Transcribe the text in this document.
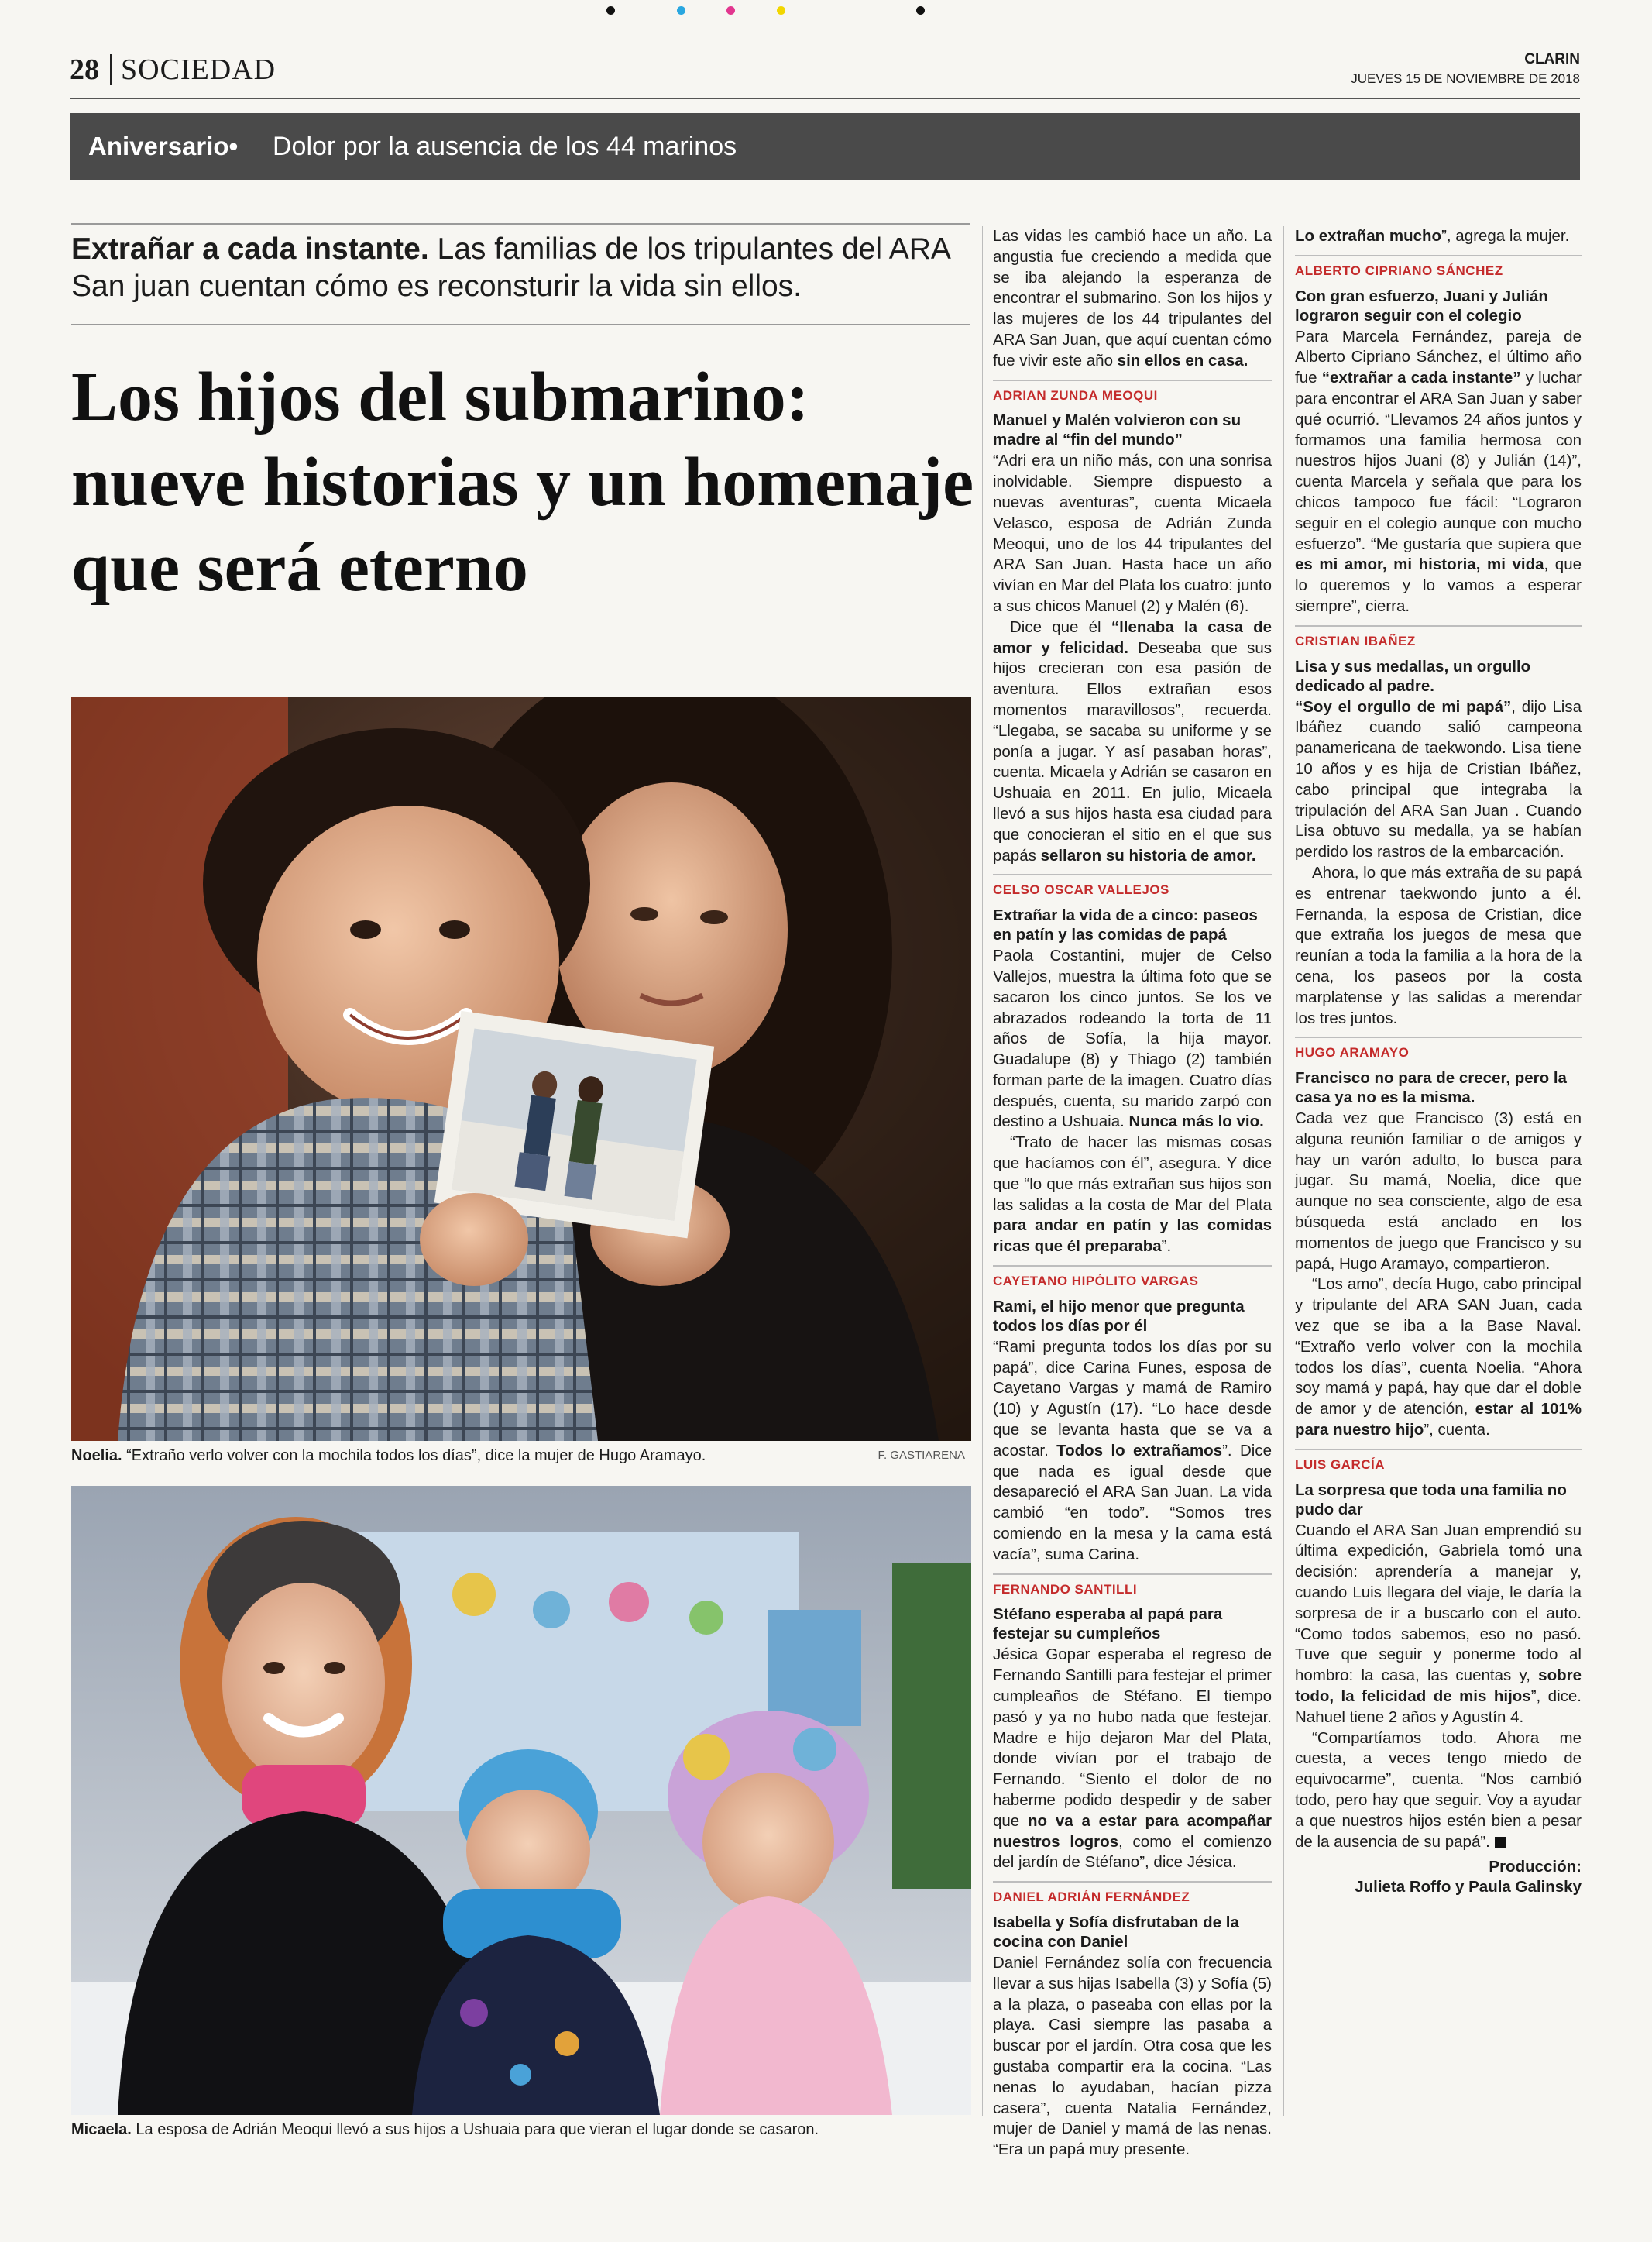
28 SOCIEDAD	CLARIN
JUEVES 15 DE NOVIEMBRE DE 2018
Aniversario• Dolor por la ausencia de los 44 marinos
Extrañar a cada instante. Las familias de los tripulantes del ARA San juan cuentan cómo es reconsturir la vida sin ellos.
Los hijos del submarino: nueve historias y un homenaje que será eterno
Noelia. “Extraño verlo volver con la mochila todos los días”, dice la mujer de Hugo Aramayo.	F. GASTIARENA
Micaela. La esposa de Adrián Meoqui llevó a sus hijos a Ushuaia para que vieran el lugar donde se casaron.

Las vidas les cambió hace un año. La angustia fue creciendo a medida que se iba alejando la esperanza de encontrar el submarino. Son los hijos y las mujeres de los 44 tripulantes del ARA San Juan, que aquí cuentan cómo fue vivir este año sin ellos en casa.

ADRIAN ZUNDA MEOQUI
Manuel y Malén volvieron con su madre al “fin del mundo”

“Adri era un niño más, con una sonrisa inolvidable. Siempre dispuesto a nuevas aventuras”, cuenta Micaela Velasco, esposa de Adrián Zunda Meoqui, uno de los 44 tripulantes del ARA San Juan. Hasta hace un año vivían en Mar del Plata los cuatro: junto a sus chicos Manuel (2) y Malén (6).

Dice que él “llenaba la casa de amor y felicidad. Deseaba que sus hijos crecieran con esa pasión de aventura. Ellos extrañan esos momentos maravillosos”, recuerda. “Llegaba, se sacaba su uniforme y se ponía a jugar. Y así pasaban horas”, cuenta. Micaela y Adrián se casaron en Ushuaia en 2011. En julio, Micaela llevó a sus hijos hasta esa ciudad para que conocieran el sitio en el que sus papás sellaron su historia de amor.

CELSO OSCAR VALLEJOS
Extrañar la vida de a cinco: paseos en patín y las comidas de papá

Paola Costantini, mujer de Celso Vallejos, muestra la última foto que se sacaron los cinco juntos. Se los ve abrazados rodeando la torta de 11 años de Sofía, la hija mayor. Guadalupe (8) y Thiago (2) también forman parte de la imagen. Cuatro días después, cuenta, su marido zarpó con destino a Ushuaia. Nunca más lo vio.

“Trato de hacer las mismas cosas que hacíamos con él”, asegura. Y dice que “lo que más extrañan sus hijos son las salidas a la costa de Mar del Plata para andar en patín y las comidas ricas que él preparaba”.

CAYETANO HIPÓLITO VARGAS
Rami, el hijo menor que pregunta todos los días por él

“Rami pregunta todos los días por su papá”, dice Carina Funes, esposa de Cayetano Vargas y mamá de Ramiro (10) y Agustín (17). “Lo hace desde que se levanta hasta que se va a acostar. Todos lo extrañamos”. Dice que nada es igual desde que desapareció el ARA San Juan. La vida cambió “en todo”. “Somos tres comiendo en la mesa y la cama está vacía”, suma Carina.

FERNANDO SANTILLI
Stéfano esperaba al papá para festejar su cumpleños

Jésica Gopar esperaba el regreso de Fernando Santilli para festejar el primer cumpleaños de Stéfano. El tiempo pasó y ya no hubo nada que festejar. Madre e hijo dejaron Mar del Plata, donde vivían por el trabajo de Fernando. “Siento el dolor de no haberme podido despedir y de saber que no va a estar para acompañar nuestros logros, como el comienzo del jardín de Stéfano”, dice Jésica.

DANIEL ADRIÁN FERNÁNDEZ
Isabella y Sofía disfrutaban de la cocina con Daniel

Daniel Fernández solía con frecuencia llevar a sus hijas Isabella (3) y Sofía (5) a la plaza, o paseaba con ellas por la playa. Casi siempre las pasaba a buscar por el jardín. Otra cosa que les gustaba compartir era la cocina. “Las nenas lo ayudaban, hacían pizza casera”, cuenta Natalia Fernández, mujer de Daniel y mamá de las nenas. “Era un papá muy presente.

Lo extrañan mucho”, agrega la mujer.

ALBERTO CIPRIANO SÁNCHEZ
Con gran esfuerzo, Juani y Julián lograron seguir con el colegio

Para Marcela Fernández, pareja de Alberto Cipriano Sánchez, el último año fue “extrañar a cada instante” y luchar para encontrar el ARA San Juan y saber qué ocurrió. “Llevamos 24 años juntos y formamos una familia hermosa con nuestros hijos Juani (8) y Julián (14)”, cuenta Marcela y señala que para los chicos tampoco fue fácil: “Lograron seguir en el colegio aunque con mucho esfuerzo”. “Me gustaría que supiera que es mi amor, mi historia, mi vida, que lo queremos y lo vamos a esperar siempre”, cierra.

CRISTIAN IBAÑEZ
Lisa y sus medallas, un orgullo dedicado al padre.

“Soy el orgullo de mi papá”, dijo Lisa Ibáñez cuando salió campeona panamericana de taekwondo. Lisa tiene 10 años y es hija de Cristian Ibáñez, cabo principal que integraba la tripulación del ARA San Juan . Cuando Lisa obtuvo su medalla, ya se habían perdido los rastros de la embarcación.

Ahora, lo que más extraña de su papá es entrenar taekwondo junto a él. Fernanda, la esposa de Cristian, dice que extraña los juegos de mesa que reunían a toda la familia a la hora de la cena, los paseos por la costa marplatense y las salidas a merendar los tres juntos.

HUGO ARAMAYO
Francisco no para de crecer, pero la casa ya no es la misma.

Cada vez que Francisco (3) está en alguna reunión familiar o de amigos y hay un varón adulto, lo busca para jugar. Su mamá, Noelia, dice que aunque no sea consciente, algo de esa búsqueda está anclado en los momentos de juego que Francisco y su papá, Hugo Aramayo, compartieron.

“Los amo”, decía Hugo, cabo principal y tripulante del ARA SAN Juan, cada vez que se iba a la Base Naval. “Extraño verlo volver con la mochila todos los días”, cuenta Noelia. “Ahora soy mamá y papá, hay que dar el doble de amor y de atención, estar al 101% para nuestro hijo”, cuenta.

LUIS GARCÍA
La sorpresa que toda una familia no pudo dar

Cuando el ARA San Juan emprendió su última expedición, Gabriela tomó una decisión: aprendería a manejar y, cuando Luis llegara del viaje, le daría la sorpresa de ir a buscarlo con el auto. “Como todos sabemos, eso no pasó. Tuve que seguir y ponerme todo al hombro: la casa, las cuentas y, sobre todo, la felicidad de mis hijos”, dice. Nahuel tiene 2 años y Agustín 4.

“Compartíamos todo. Ahora me cuesta, a veces tengo miedo de equivocarme”, cuenta. “Nos cambió todo, pero hay que seguir. Voy a ayudar a que nuestros hijos estén bien a pesar de la ausencia de su papá”.

Producción:
Julieta Roffo y Paula Galinsky
